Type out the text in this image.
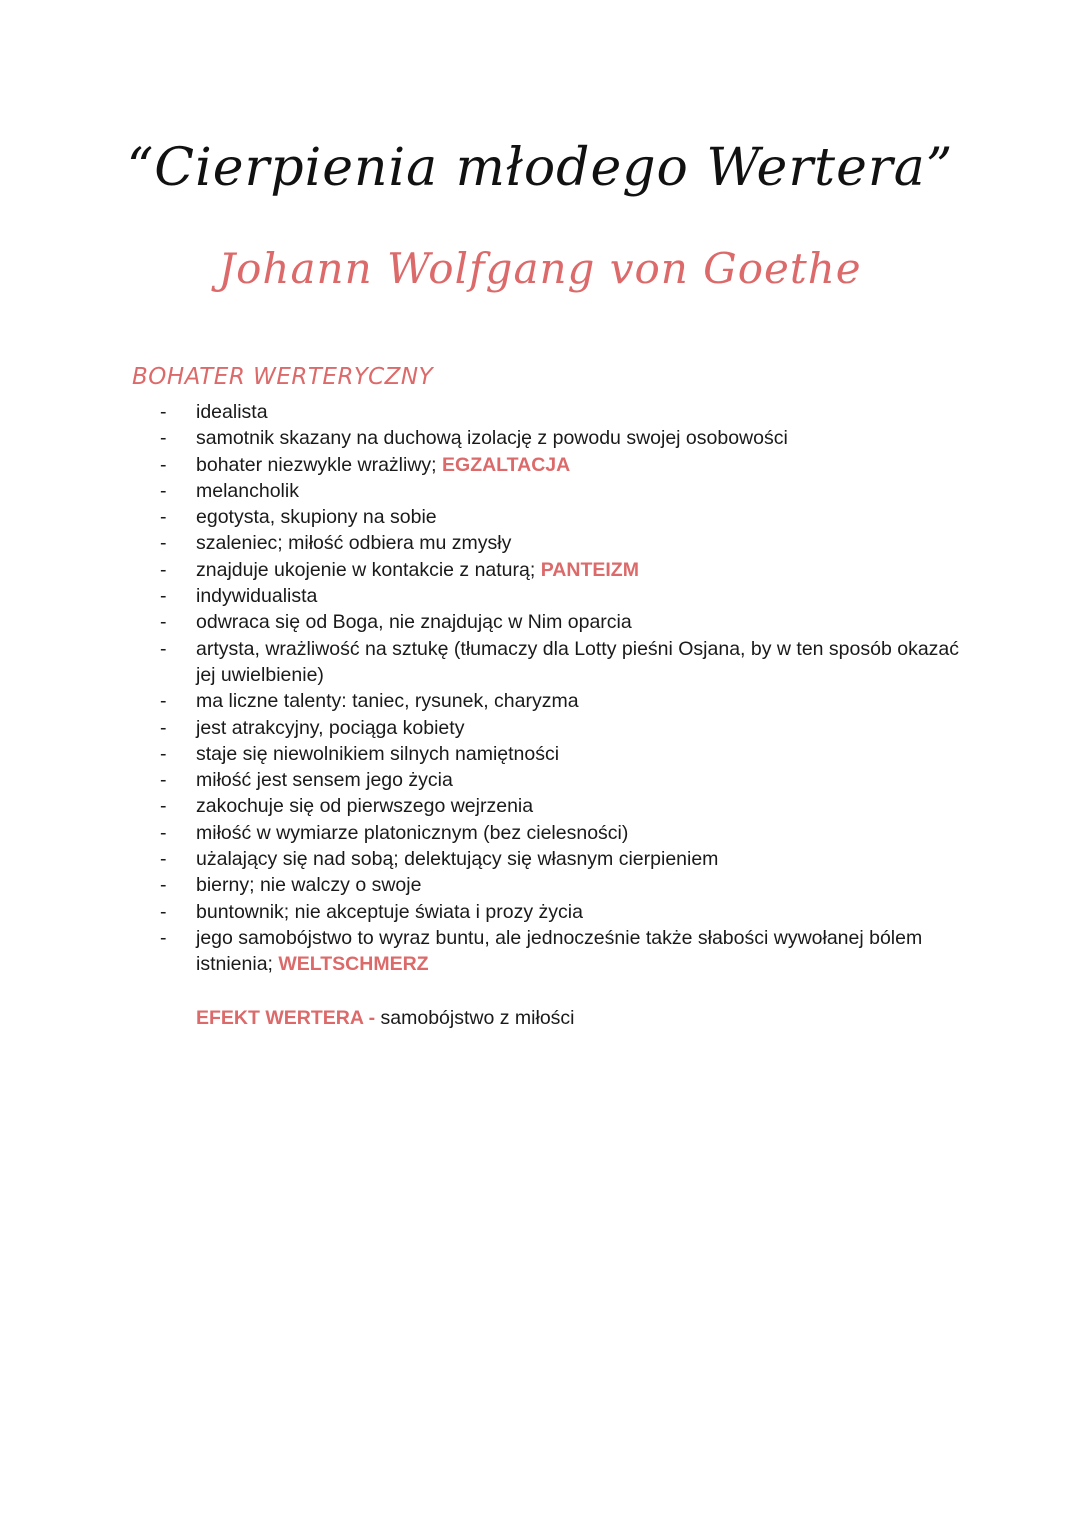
“Cierpienia młodego Wertera”
Johann Wolfgang von Goethe
BOHATER WERTERYCZNY
- idealista
- samotnik skazany na duchową izolację z powodu swojej osobowości
- bohater niezwykle wrażliwy; EGZALTACJA
- melancholik
- egotysta, skupiony na sobie
- szaleniec; miłość odbiera mu zmysły
- znajduje ukojenie w kontakcie z naturą; PANTEIZM
- indywidualista
- odwraca się od Boga, nie znajdując w Nim oparcia
- artysta, wrażliwość na sztukę (tłumaczy dla Lotty pieśni Osjana, by w ten sposób okazać jej uwielbienie)
- ma liczne talenty: taniec, rysunek, charyzma
- jest atrakcyjny, pociąga kobiety
- staje się niewolnikiem silnych namiętności
- miłość jest sensem jego życia
- zakochuje się od pierwszego wejrzenia
- miłość w wymiarze platonicznym (bez cielesności)
- użalający się nad sobą; delektujący się własnym cierpieniem
- bierny; nie walczy o swoje
- buntownik; nie akceptuje świata i prozy życia
- jego samobójstwo to wyraz buntu, ale jednocześnie także słabości wywołanej bólem istnienia; WELTSCHMERZ
EFEKT WERTERA - samobójstwo z miłości
